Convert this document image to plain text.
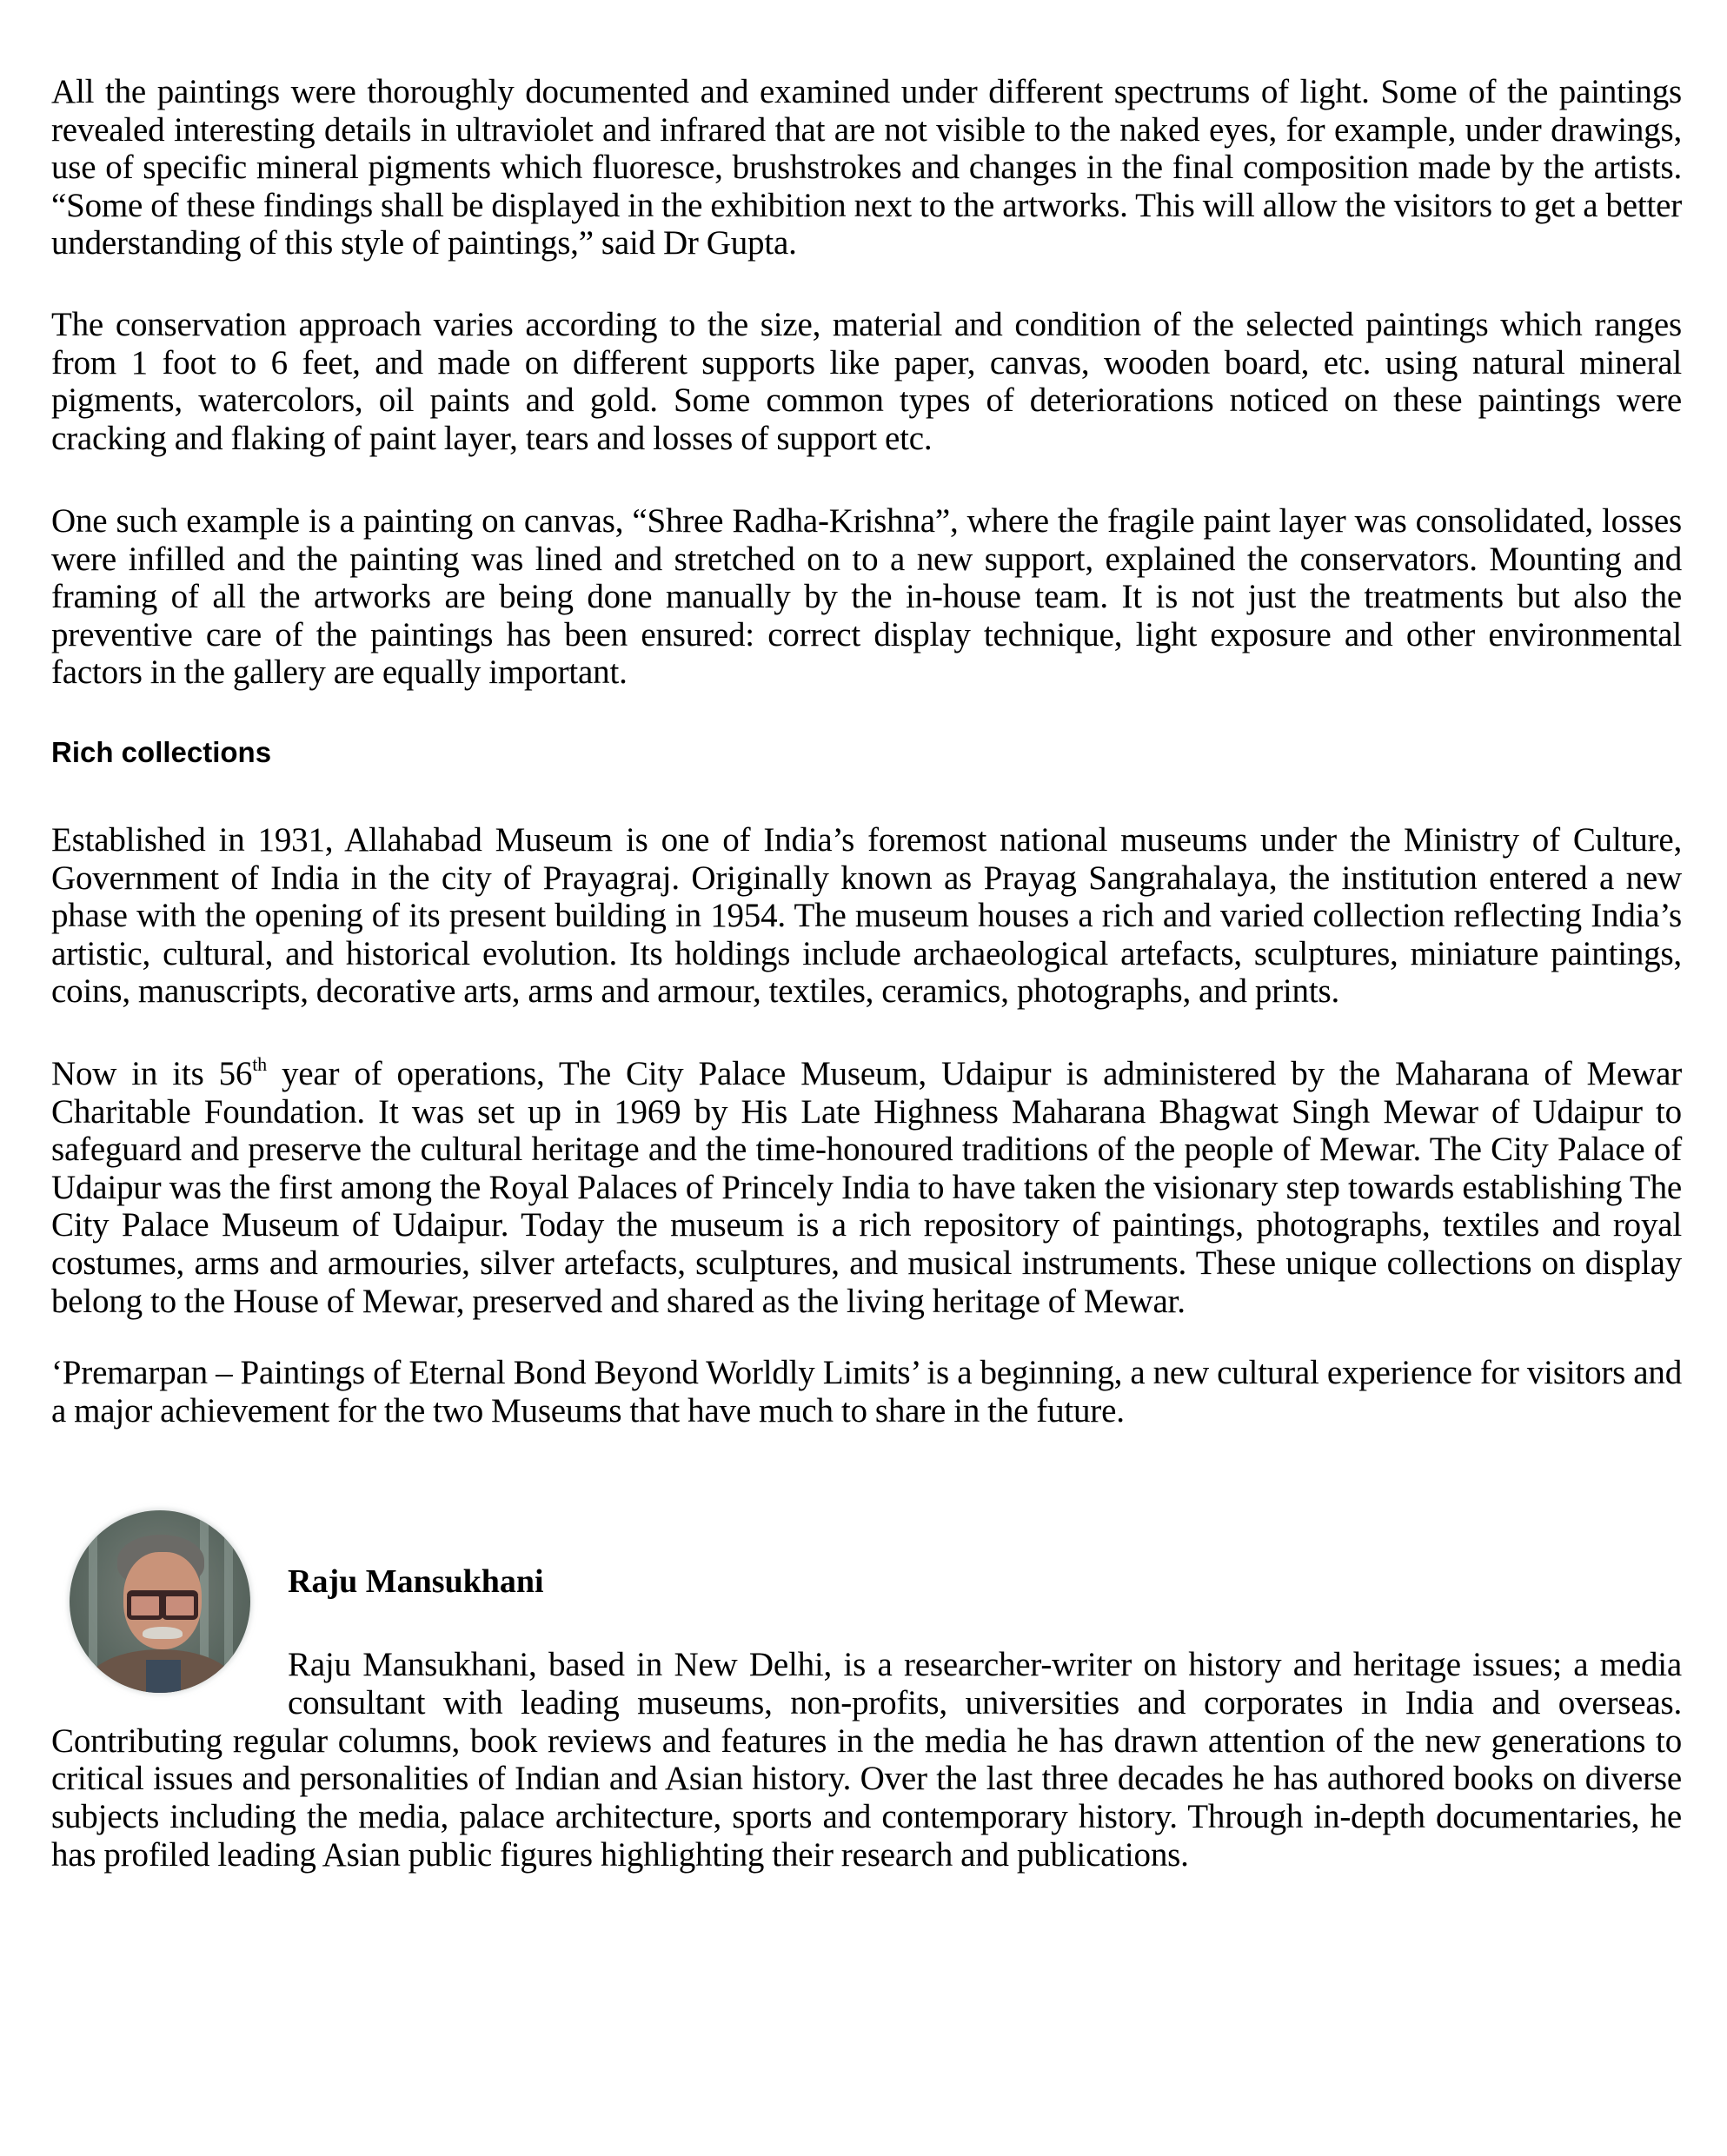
All the paintings were thoroughly documented and examined under different spectrums of light. Some of the paintings revealed interesting details in ultraviolet and infrared that are not visible to the naked eyes, for example, under drawings, use of specific mineral pigments which fluoresce, brushstrokes and changes in the final composition made by the artists. “Some of these findings shall be displayed in the exhibition next to the artworks. This will allow the visitors to get a better understanding of this style of paintings,” said Dr Gupta.

The conservation approach varies according to the size, material and condition of the selected paintings which ranges from 1 foot to 6 feet, and made on different supports like paper, canvas, wooden board, etc. using natural mineral pigments, watercolors, oil paints and gold. Some common types of deteriorations noticed on these paintings were cracking and flaking of paint layer, tears and losses of support etc.

One such example is a painting on canvas, “Shree Radha-Krishna”, where the fragile paint layer was consolidated, losses were infilled and the painting was lined and stretched on to a new support, explained the conservators. Mounting and framing of all the artworks are being done manually by the in-house team. It is not just the treatments but also the preventive care of the paintings has been ensured: correct display technique, light exposure and other environmental factors in the gallery are equally important.

Rich collections

Established in 1931, Allahabad Museum is one of India’s foremost national museums under the Ministry of Culture, Government of India in the city of Prayagraj. Originally known as Prayag Sangrahalaya, the institution entered a new phase with the opening of its present building in 1954. The museum houses a rich and varied collection reflecting India’s artistic, cultural, and historical evolution. Its holdings include archaeological artefacts, sculptures, miniature paintings, coins, manuscripts, decorative arts, arms and armour, textiles, ceramics, photographs, and prints.

Now in its 56th year of operations, The City Palace Museum, Udaipur is administered by the Maharana of Mewar Charitable Foundation. It was set up in 1969 by His Late Highness Maharana Bhagwat Singh Mewar of Udaipur to safeguard and preserve the cultural heritage and the time-honoured traditions of the people of Mewar. The City Palace of Udaipur was the first among the Royal Palaces of Princely India to have taken the visionary step towards establishing The City Palace Museum of Udaipur. Today the museum is a rich repository of paintings, photographs, textiles and royal costumes, arms and armouries, silver artefacts, sculptures, and musical instruments. These unique collections on display belong to the House of Mewar, preserved and shared as the living heritage of Mewar.

‘Premarpan – Paintings of Eternal Bond Beyond Worldly Limits’ is a beginning, a new cultural experience for visitors and a major achievement for the two Museums that have much to share in the future.

Raju Mansukhani

Raju Mansukhani, based in New Delhi, is a researcher-writer on history and heritage issues; a media consultant with leading museums, non-profits, universities and corporates in India and overseas. Contributing regular columns, book reviews and features in the media he has drawn attention of the new generations to critical issues and personalities of Indian and Asian history. Over the last three decades he has authored books on diverse subjects including the media, palace architecture, sports and contemporary history. Through in-depth documentaries, he has profiled leading Asian public figures highlighting their research and publications.
